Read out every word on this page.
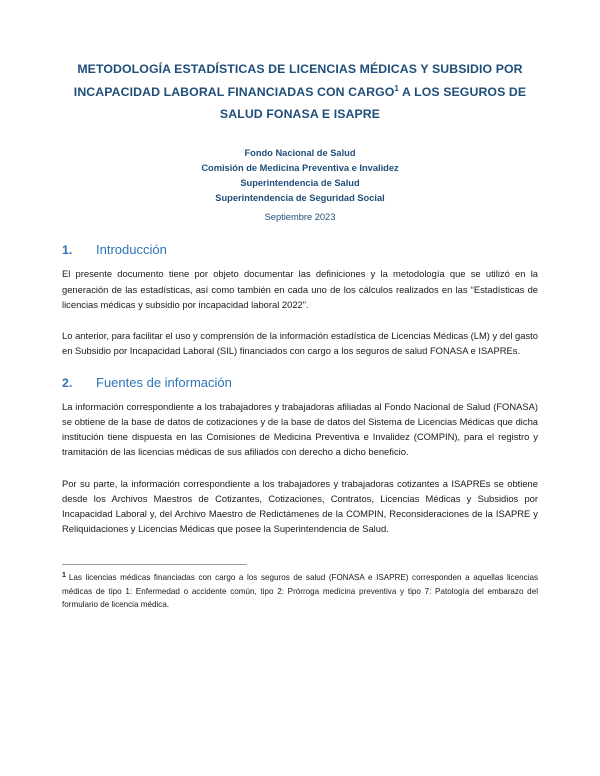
METODOLOGÍA ESTADÍSTICAS DE LICENCIAS MÉDICAS Y SUBSIDIO POR INCAPACIDAD LABORAL FINANCIADAS CON CARGO$^1$ A LOS SEGUROS DE SALUD FONASA E ISAPRE
Fondo Nacional de Salud
Comisión de Medicina Preventiva e Invalidez
Superintendencia de Salud
Superintendencia de Seguridad Social
Septiembre 2023
1.	Introducción

El presente documento tiene por objeto documentar las definiciones y la metodología que se utilizó en la generación de las estadísticas, así como también en cada uno de los cálculos realizados en las “Estadísticas de licencias médicas y subsidio por incapacidad laboral 2022”.

Lo anterior, para facilitar el uso y comprensión de la información estadística de Licencias Médicas (LM) y del gasto en Subsidio por Incapacidad Laboral (SIL) financiados con cargo a los seguros de salud FONASA e ISAPREs.

2.	Fuentes de información

La información correspondiente a los trabajadores y trabajadoras afiliadas al Fondo Nacional de Salud (FONASA) se obtiene de la base de datos de cotizaciones y de la base de datos del Sistema de Licencias Médicas que dicha institución tiene dispuesta en las Comisiones de Medicina Preventiva e Invalidez (COMPIN), para el registro y tramitación de las licencias médicas de sus afiliados con derecho a dicho beneficio.

Por su parte, la información correspondiente a los trabajadores y trabajadoras cotizantes a ISAPREs se obtiene desde los Archivos Maestros de Cotizantes, Cotizaciones, Contratos, Licencias Médicas y Subsidios por Incapacidad Laboral y, del Archivo Maestro de Redictámenes de la COMPIN, Reconsideraciones de la ISAPRE y Reliquidaciones y Licencias Médicas que posee la Superintendencia de Salud.

1 Las licencias médicas financiadas con cargo a los seguros de salud (FONASA e ISAPRE) corresponden a aquellas licencias médicas de tipo 1: Enfermedad o accidente común, tipo 2: Prórroga medicina preventiva y tipo 7: Patología del embarazo del formulario de licencia médica.
